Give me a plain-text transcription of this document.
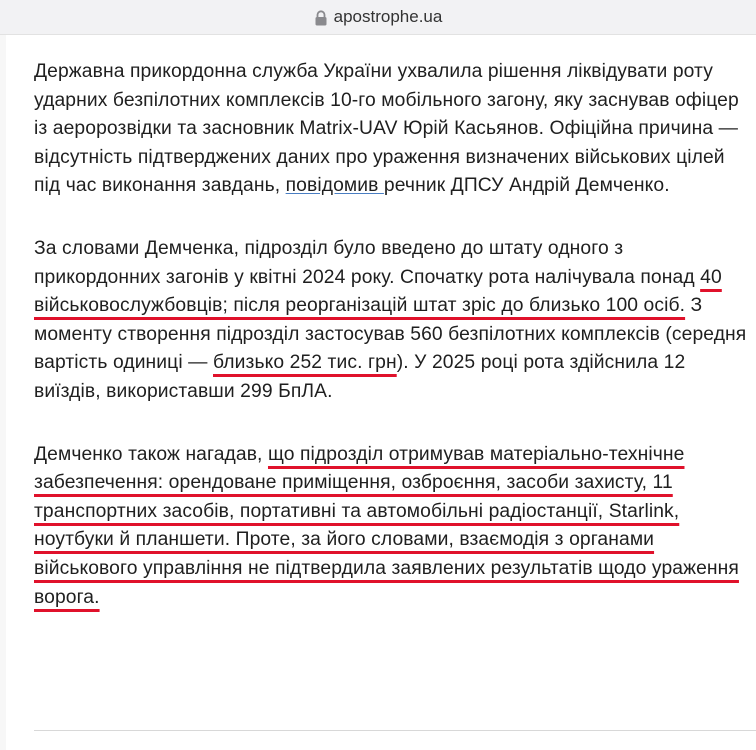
apostrophe.ua

Державна прикордонна служба України ухвалила рішення ліквідувати роту ударних безпілотних комплексів 10-го мобільного загону, яку заснував офіцер із аеророзвідки та засновник Matrix-UAV Юрій Касьянов. Офіційна причина — відсутність підтверджених даних про ураження визначених військових цілей під час виконання завдань, повідомив речник ДПСУ Андрій Демченко.

За словами Демченка, підрозділ було введено до штату одного з прикордонних загонів у квітні 2024 року. Спочатку рота налічувала понад 40 військовослужбовців; після реорганізацій штат зріс до близько 100 осіб. З моменту створення підрозділ застосував 560 безпілотних комплексів (середня вартість одиниці — близько 252 тис. грн). У 2025 році рота здійснила 12 виїздів, використавши 299 БпЛА.

Демченко також нагадав, що підрозділ отримував матеріально-технічне забезпечення: орендоване приміщення, озброєння, засоби захисту, 11 транспортних засобів, портативні та автомобільні радіостанції, Starlink, ноутбуки й планшети. Проте, за його словами, взаємодія з органами військового управління не підтвердила заявлених результатів щодо ураження ворога.
